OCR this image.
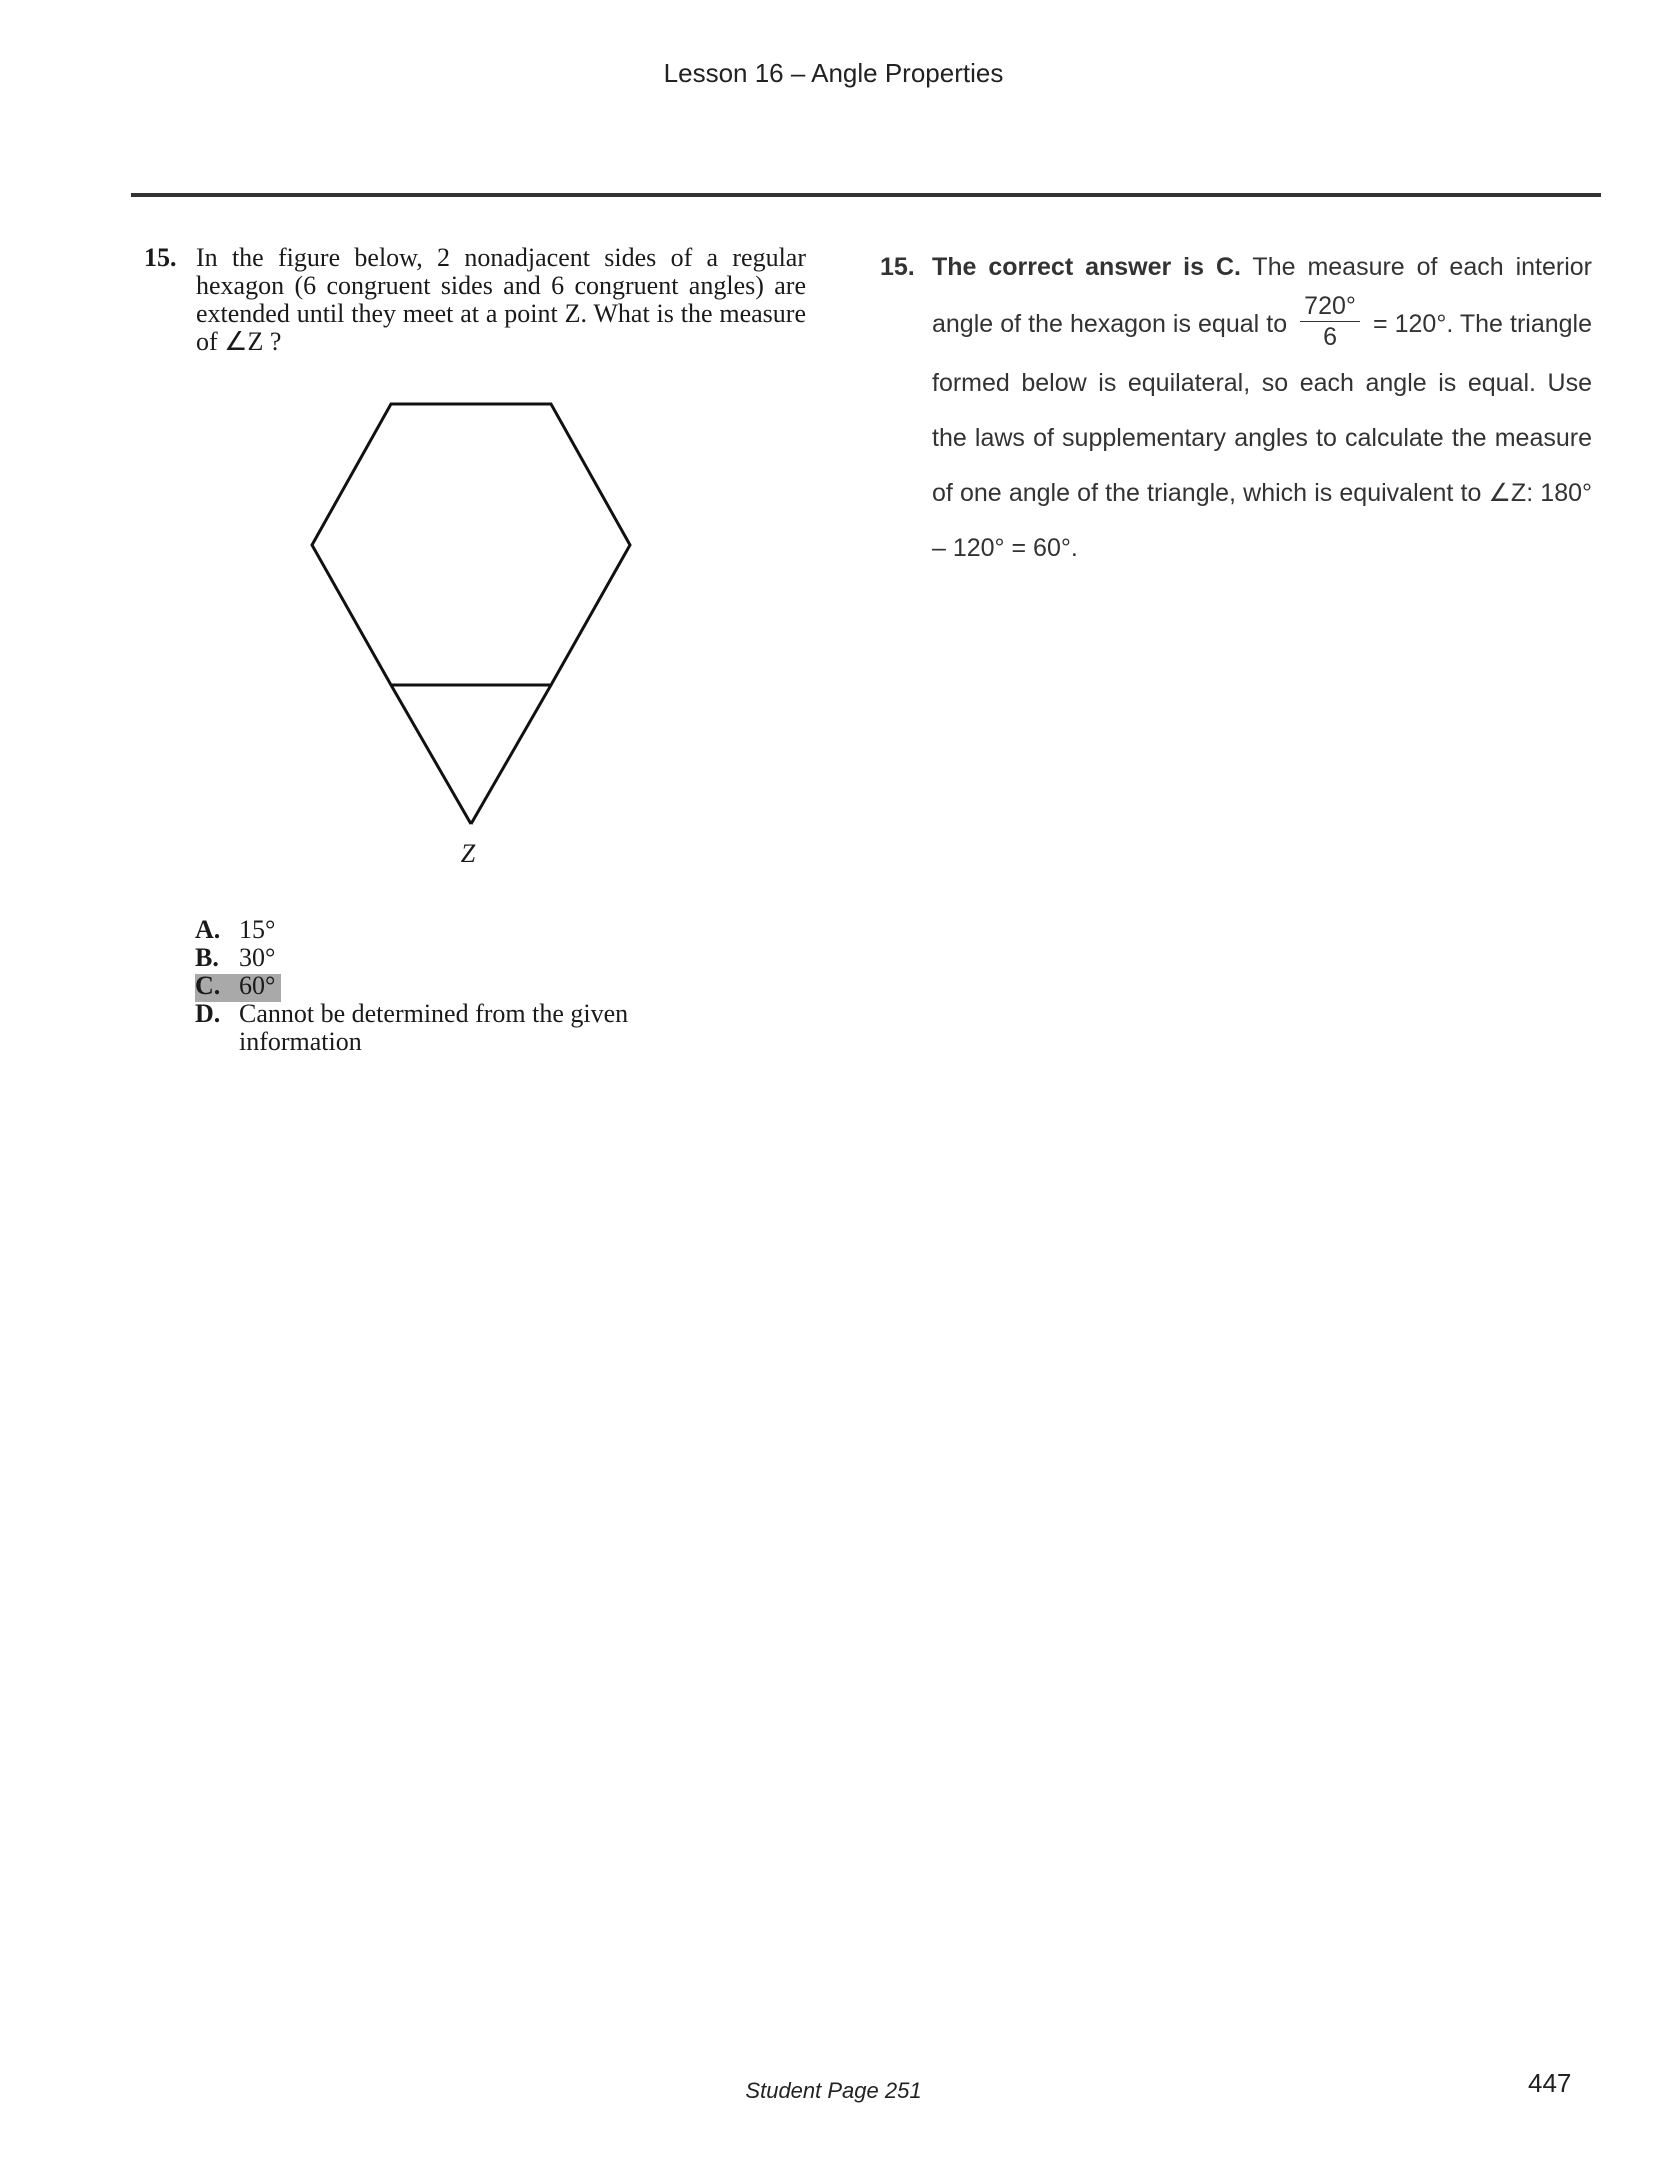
Lesson 16 – Angle Properties
15. In the figure below, 2 nonadjacent sides of a regular hexagon (6 congruent sides and 6 congruent angles) are extended until they meet at a point Z. What is the measure of ∠Z ?
Z
A. 15°
B. 30°
C. 60°
D. Cannot be determined from the given information
15. The correct answer is C. The measure of each interior angle of the hexagon is equal to $\frac{720^\circ}{6} = 120^\circ$. The triangle formed below is equilateral, so each angle is equal. Use the laws of supplementary angles to calculate the measure of one angle of the triangle, which is equivalent to ∠Z: 180° – 120° = 60°.
Student Page 251	447
